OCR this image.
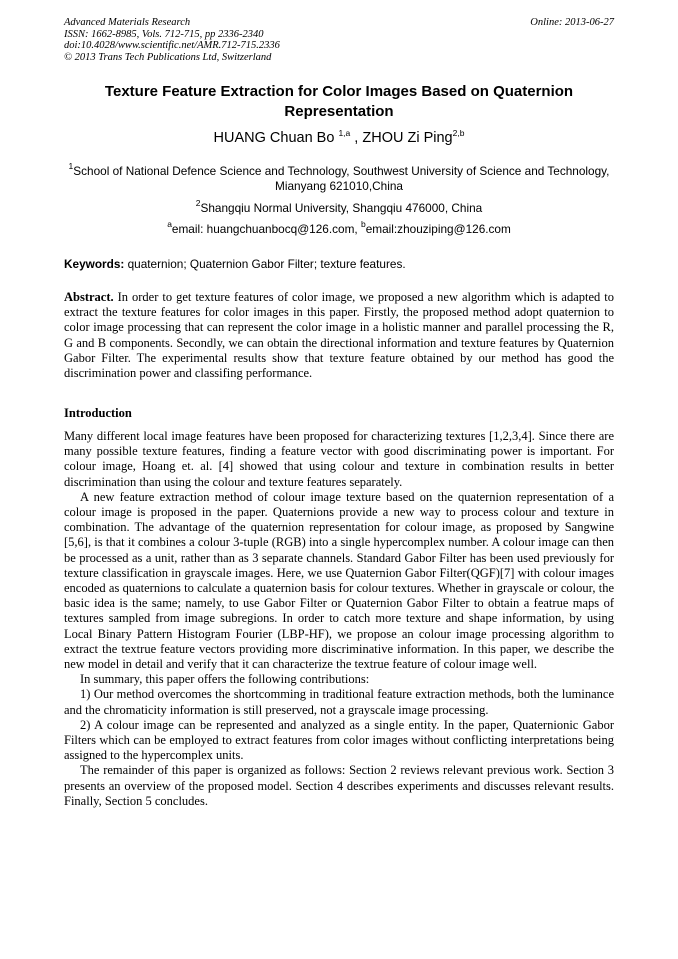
Advanced Materials Research
ISSN: 1662-8985, Vols. 712-715, pp 2336-2340
doi:10.4028/www.scientific.net/AMR.712-715.2336
© 2013 Trans Tech Publications Ltd, Switzerland
Online: 2013-06-27
Texture Feature Extraction for Color Images Based on Quaternion Representation
HUANG Chuan Bo $^{1,a}$ , ZHOU Zi Ping$^{2,b}$
$^1$School of National Defence Science and Technology, Southwest University of Science and Technology, Mianyang 621010,China
$^2$Shangqiu Normal University, Shangqiu 476000, China
$^a$email: huangchuanbocq@126.com, $^b$email:zhouziping@126.com
Keywords: quaternion; Quaternion Gabor Filter; texture features.
Abstract. In order to get texture features of color image, we proposed a new algorithm which is adapted to extract the texture features for color images in this paper. Firstly, the proposed method adopt quaternion to color image processing that can represent the color image in a holistic manner and parallel processing the R, G and B components. Secondly, we can obtain the directional information and texture features by Quaternion Gabor Filter. The experimental results show that texture feature obtained by our method has good the discrimination power and classifing performance.
Introduction

Many different local image features have been proposed for characterizing textures [1,2,3,4]. Since there are many possible texture features, finding a feature vector with good discriminating power is important. For colour image, Hoang et. al. [4] showed that using colour and texture in combination results in better discrimination than using the colour and texture features separately.

A new feature extraction method of colour image texture based on the quaternion representation of a colour image is proposed in the paper. Quaternions provide a new way to process colour and texture in combination. The advantage of the quaternion representation for colour image, as proposed by Sangwine [5,6], is that it combines a colour 3-tuple (RGB) into a single hypercomplex number. A colour image can then be processed as a unit, rather than as 3 separate channels. Standard Gabor Filter has been used previously for texture classification in grayscale images. Here, we use Quaternion Gabor Filter(QGF)[7] with colour images encoded as quaternions to calculate a quaternion basis for colour textures. Whether in grayscale or colour, the basic idea is the same; namely, to use Gabor Filter or Quaternion Gabor Filter to obtain a featrue maps of textures sampled from image subregions. In order to catch more texture and shape information, by using Local Binary Pattern Histogram Fourier (LBP-HF), we propose an colour image processing algorithm to extract the textrue feature vectors providing more discriminative information. In this paper, we describe the new model in detail and verify that it can characterize the textrue feature of colour image well.

In summary, this paper offers the following contributions:

1) Our method overcomes the shortcomming in traditional feature extraction methods, both the luminance and the chromaticity information is still preserved, not a grayscale image processing.

2) A colour image can be represented and analyzed as a single entity. In the paper, Quaternionic Gabor Filters which can be employed to extract features from color images without conflicting interpretations being assigned to the hypercomplex units.

The remainder of this paper is organized as follows: Section 2 reviews relevant previous work. Section 3 presents an overview of the proposed model. Section 4 describes experiments and discusses relevant results. Finally, Section 5 concludes.
